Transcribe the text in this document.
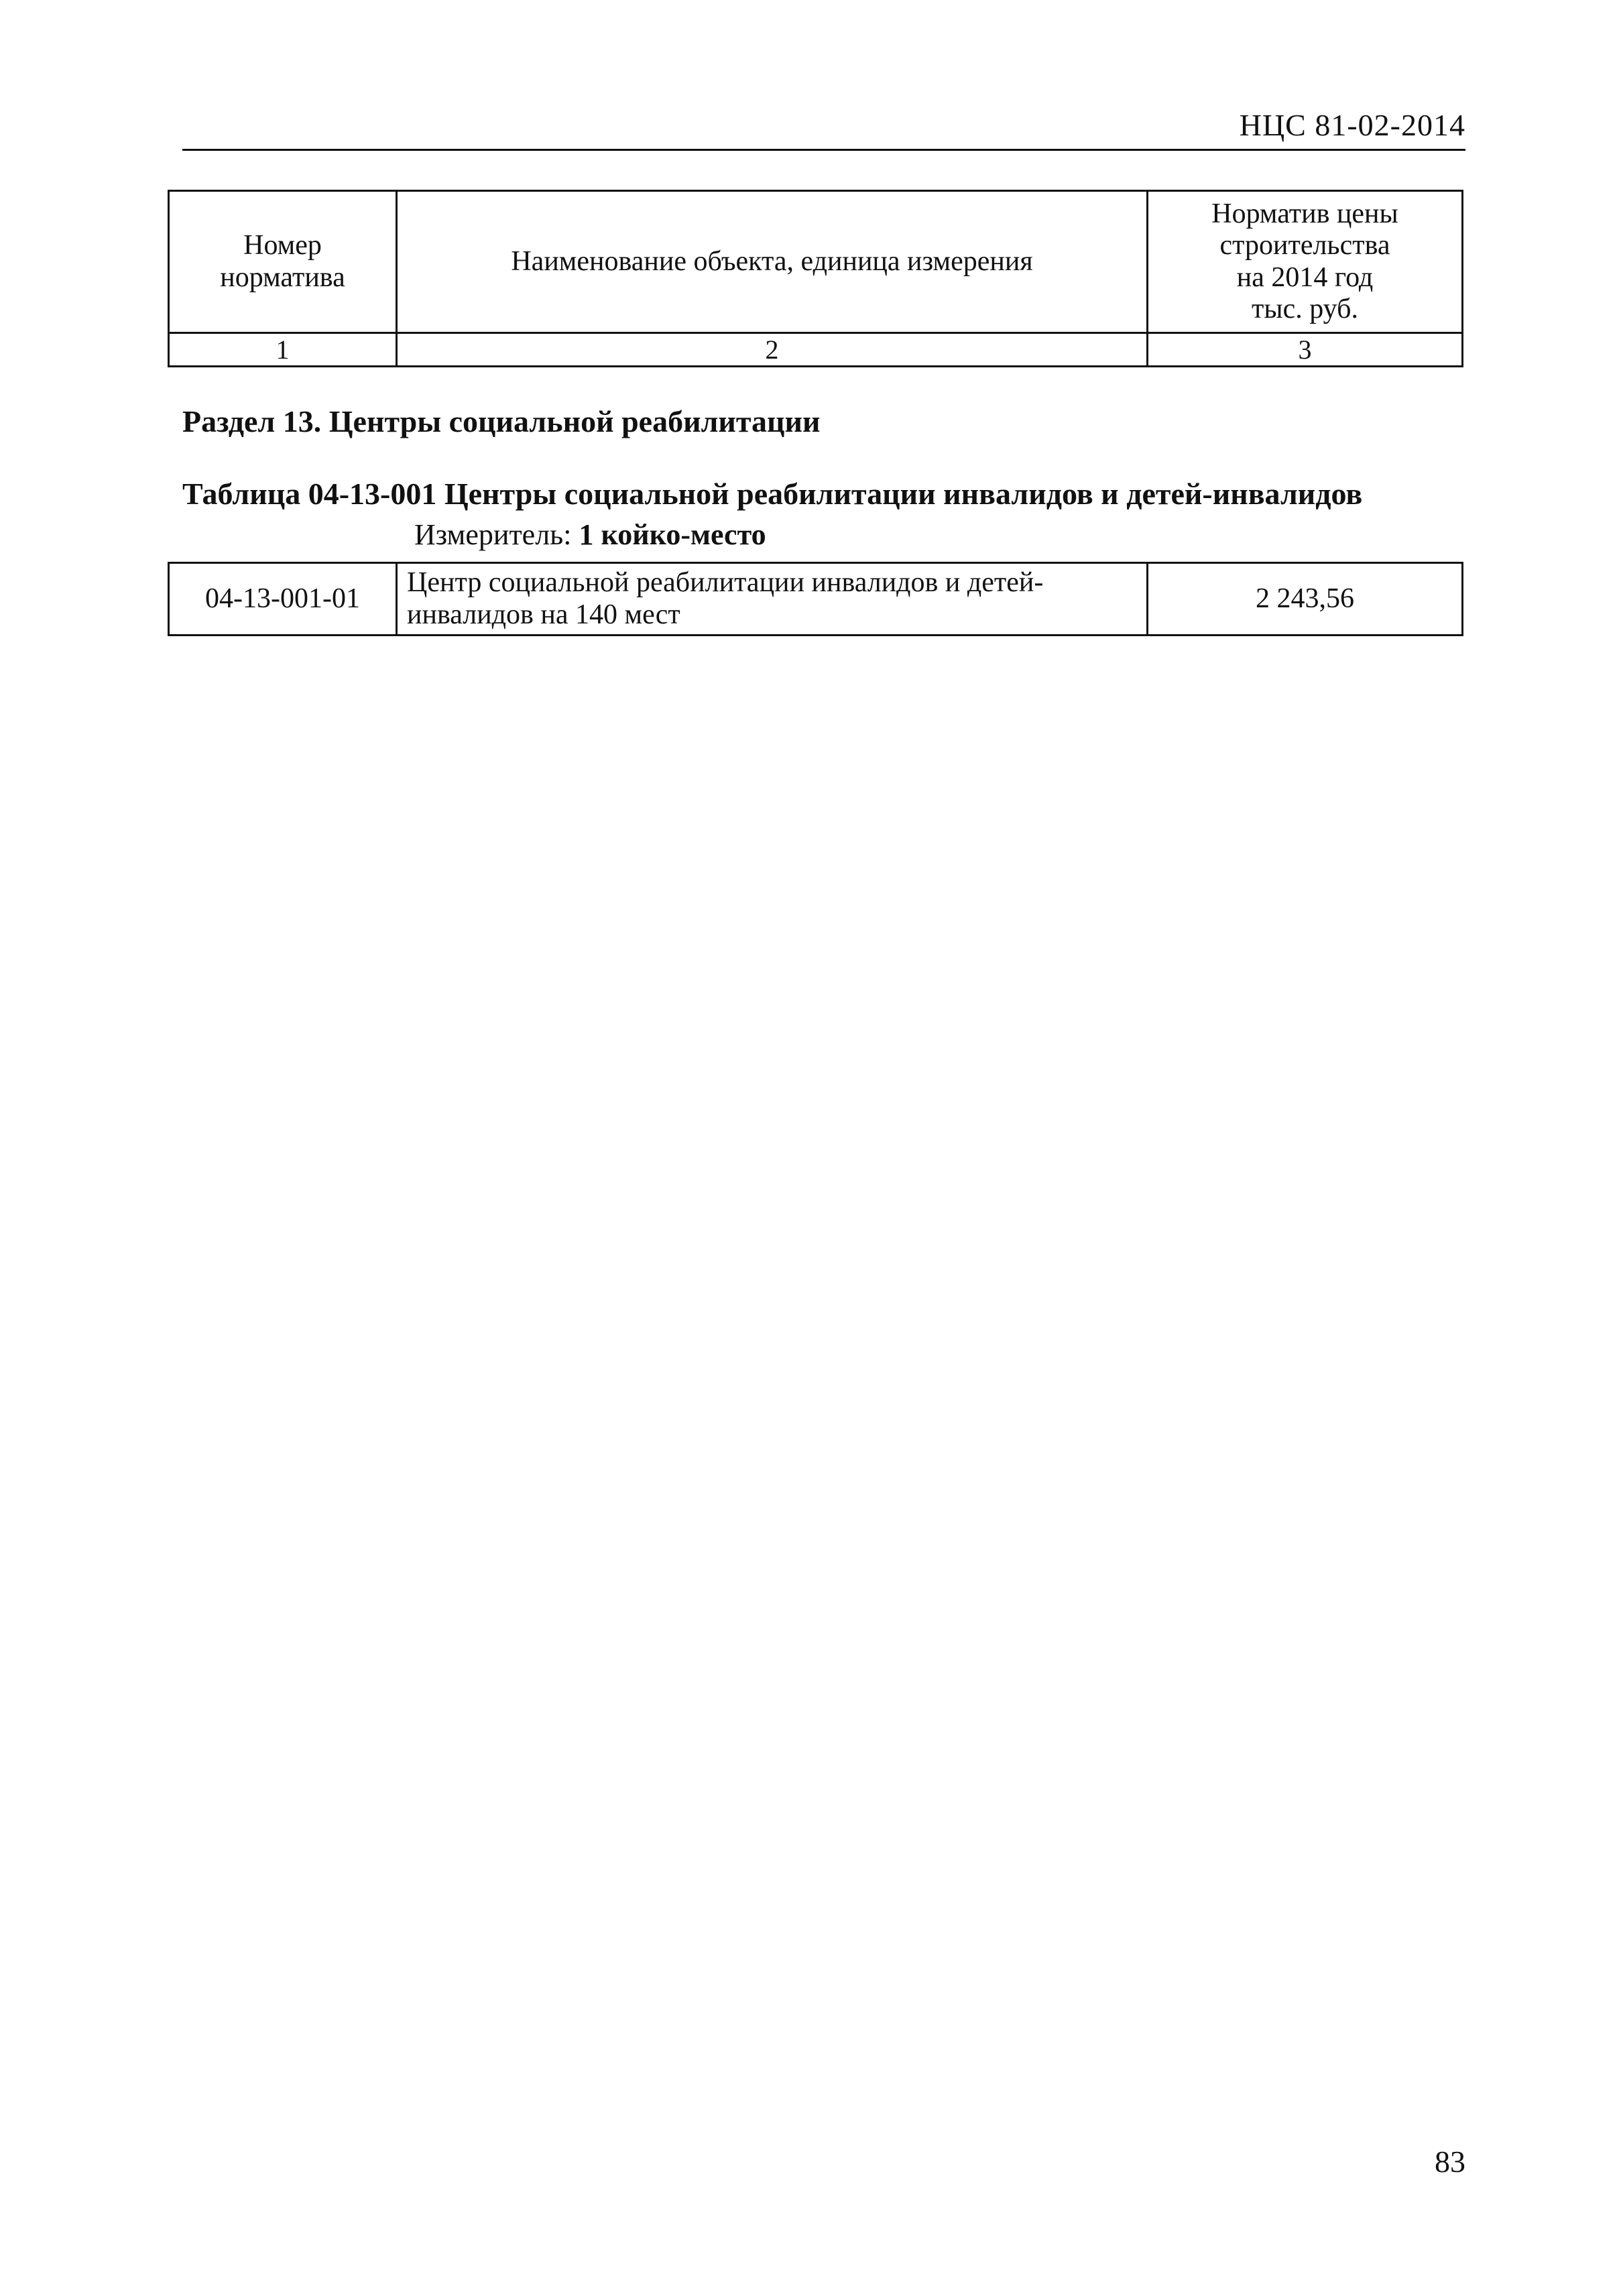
НЦС 81-02-2014
Номер норматива	Наименование объекта, единица измерения	Норматив цены
строительства
на 2014 год
тыс. руб.
1	2	3
Раздел 13. Центры социальной реабилитации
Таблица 04-13-001 Центры социальной реабилитации инвалидов и детей-инвалидов
Измеритель: 1 койко-место
04-13-001-01	Центр социальной реабилитации инвалидов и детей-инвалидов на 140 мест	2 243,56
83
